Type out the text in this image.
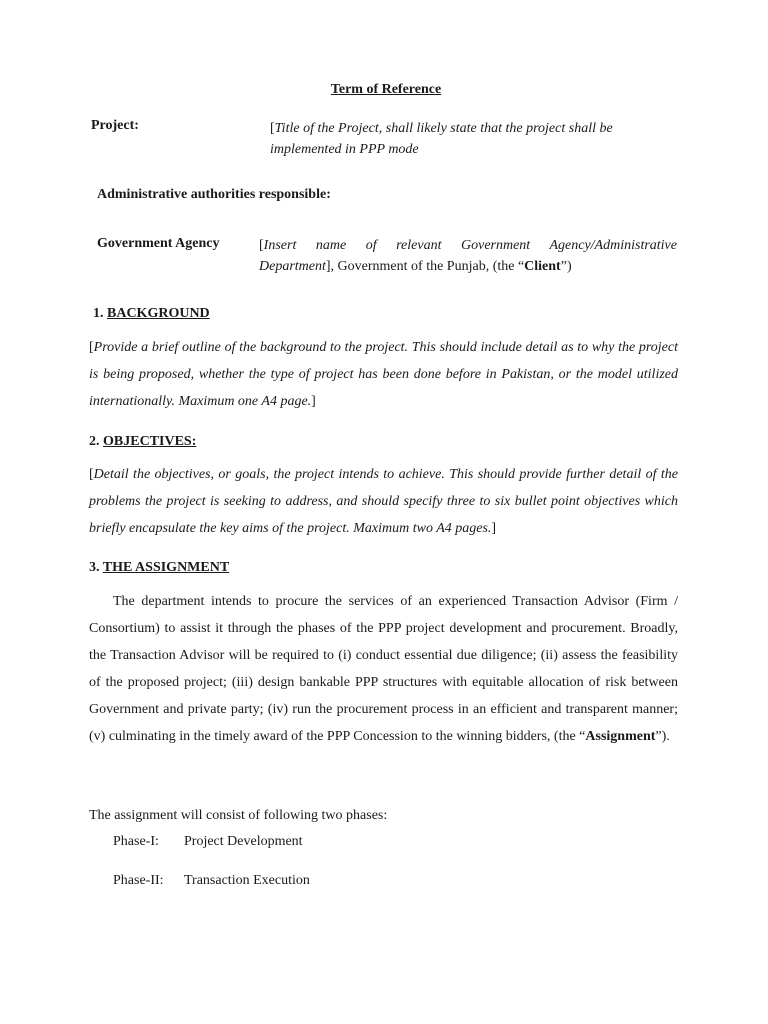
Term of Reference
Project:	[Title of the Project, shall likely state that the project shall be
implemented in PPP mode
Administrative authorities responsible:
Government Agency	[Insert name of relevant Government Agency/Administrative
Department], Government of the Punjab, (the “Client”)
1. BACKGROUND
[Provide a brief outline of the background to the project. This should include detail as to why the project is being proposed, whether the type of project has been done before in Pakistan, or the model utilized internationally. Maximum one A4 page.]
2. OBJECTIVES:
[Detail the objectives, or goals, the project intends to achieve. This should provide further detail of the problems the project is seeking to address, and should specify three to six bullet point objectives which briefly encapsulate the key aims of the project. Maximum two A4 pages.]
3. THE ASSIGNMENT
The department intends to procure the services of an experienced Transaction Advisor (Firm / Consortium) to assist it through the phases of the PPP project development and procurement. Broadly, the Transaction Advisor will be required to (i) conduct essential due diligence; (ii) assess the feasibility of the proposed project; (iii) design bankable PPP structures with equitable allocation of risk between Government and private party; (iv) run the procurement process in an efficient and transparent manner; (v) culminating in the timely award of the PPP Concession to the winning bidders, (the “Assignment”).
The assignment will consist of following two phases:
Phase-I:	Project Development
Phase-II:	Transaction Execution
